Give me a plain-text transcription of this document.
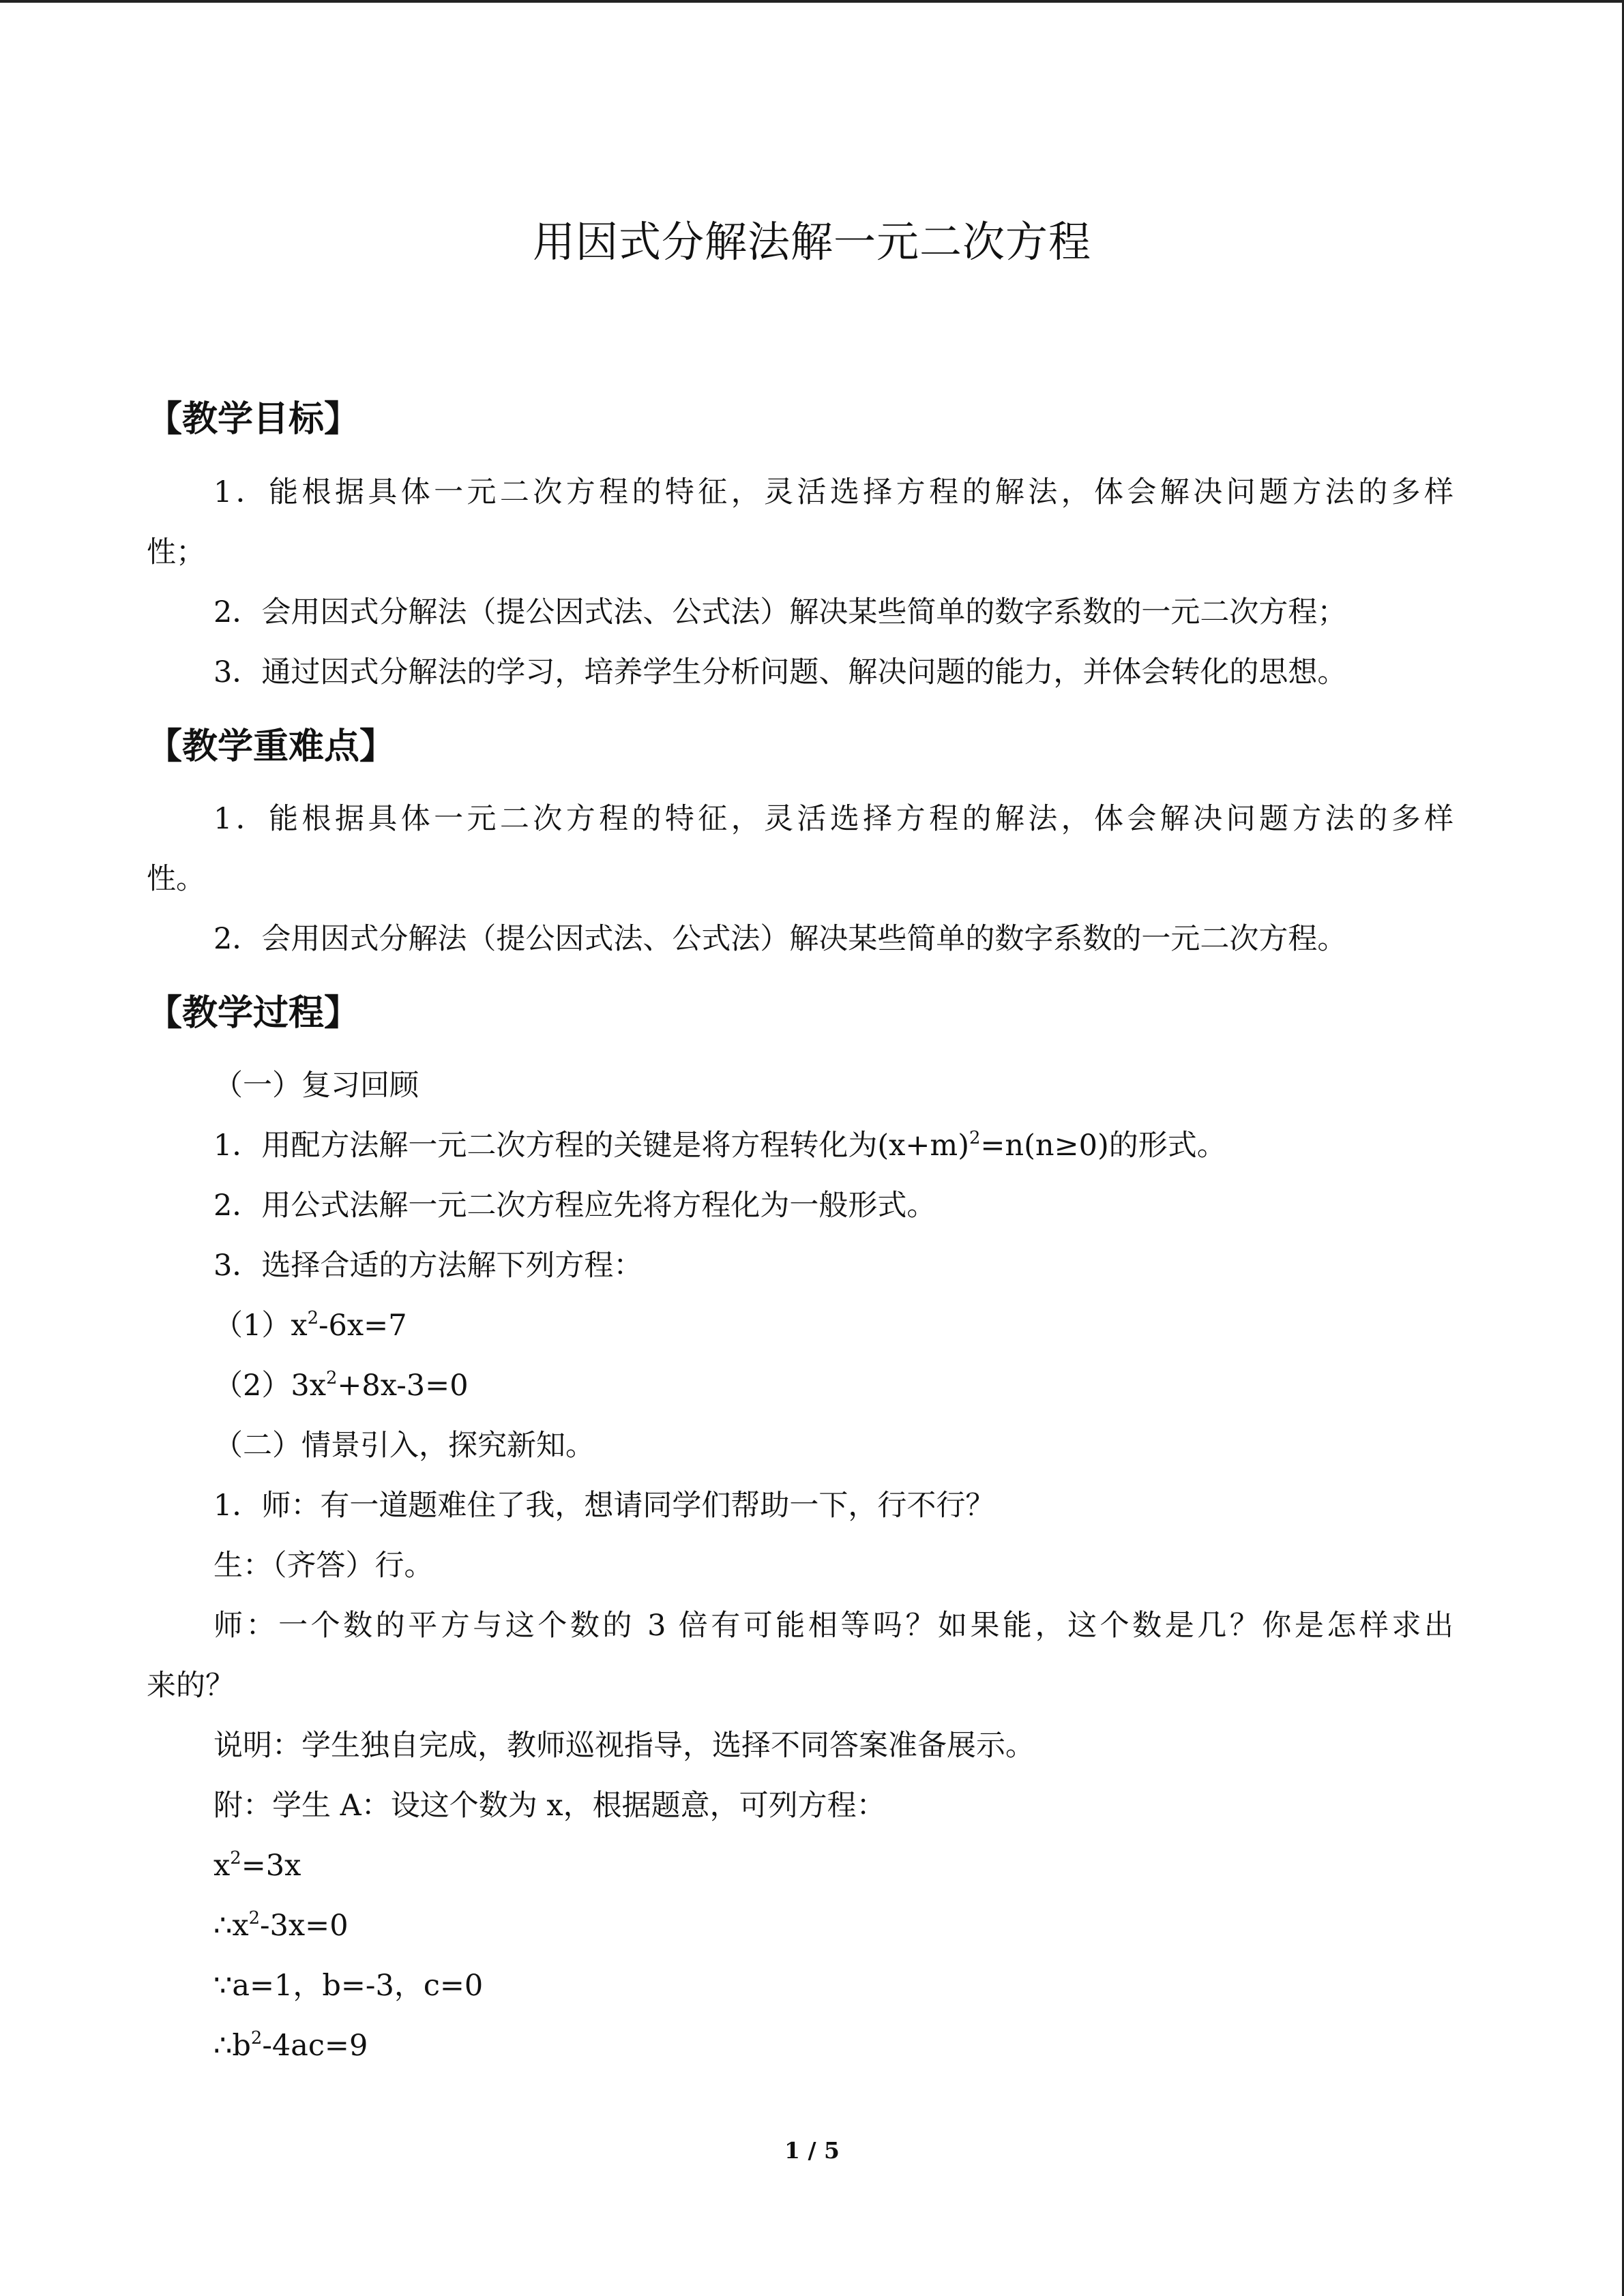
用因式分解法解一元二次方程
【教学目标】
1．能根据具体一元二次方程的特征，灵活选择方程的解法，体会解决问题方法的多样
性；
2．会用因式分解法（提公因式法、公式法）解决某些简单的数字系数的一元二次方程；
3．通过因式分解法的学习，培养学生分析问题、解决问题的能力，并体会转化的思想。
【教学重难点】
1．能根据具体一元二次方程的特征，灵活选择方程的解法，体会解决问题方法的多样
性。
2．会用因式分解法（提公因式法、公式法）解决某些简单的数字系数的一元二次方程。
【教学过程】
（一）复习回顾
1．用配方法解一元二次方程的关键是将方程转化为$(x+m)^2=n(n\ge 0)$的形式。
2．用公式法解一元二次方程应先将方程化为一般形式。
3．选择合适的方法解下列方程：
$(1)x^2-6x=7$
$(2)3x^2+8x-3=0$
（二）情景引入，探究新知。
1．师：有一道题难住了我，想请同学们帮助一下，行不行？
生：（齐答）行。
师：一个数的平方与这个数的 3 倍有可能相等吗？如果能，这个数是几？你是怎样求出
来的？
说明：学生独自完成，教师巡视指导，选择不同答案准备展示。
附：学生 A：设这个数为 x，根据题意，可列方程：
$x^2=3x$
$\therefore x^2-3x=0$
∵a=1，b=-3，c=0
$\therefore b^2-4ac=9$
1 / 5
